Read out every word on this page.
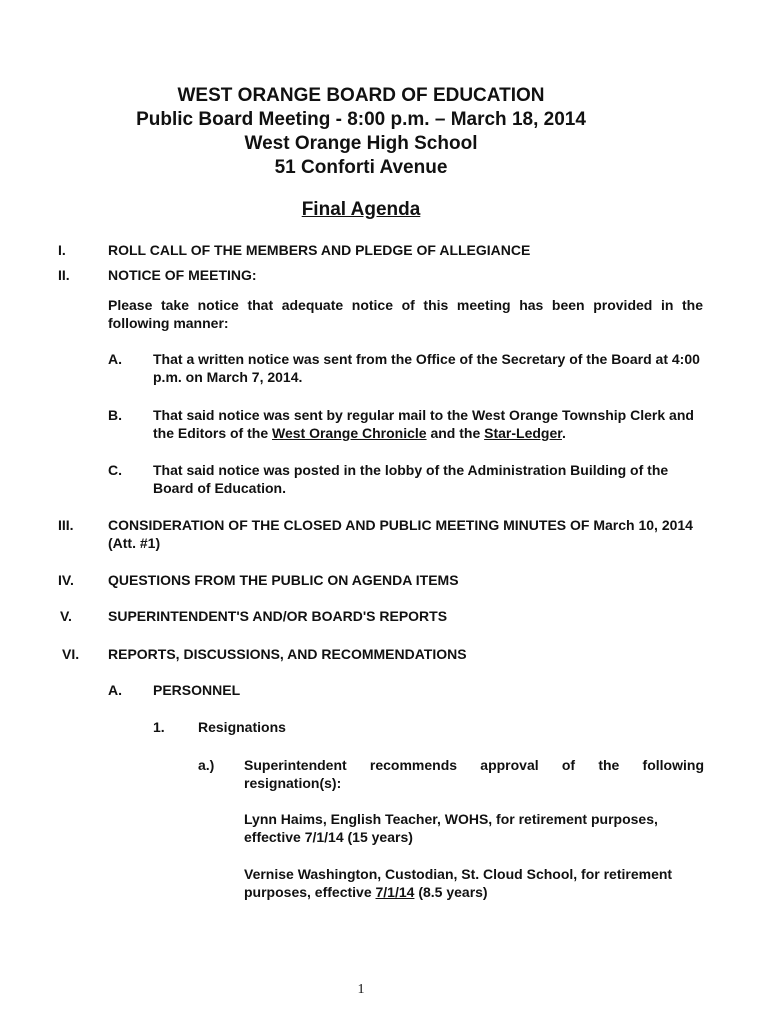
WEST ORANGE BOARD OF EDUCATION
Public Board Meeting - 8:00 p.m. – March 18, 2014
West Orange High School
51 Conforti Avenue
Final Agenda
I.	ROLL CALL OF THE MEMBERS AND PLEDGE OF ALLEGIANCE
II.	NOTICE OF MEETING:
Please take notice that adequate notice of this meeting has been provided in the following manner:
A. That a written notice was sent from the Office of the Secretary of the Board at 4:00 p.m. on March 7, 2014.
B. That said notice was sent by regular mail to the West Orange Township Clerk and the Editors of the West Orange Chronicle and the Star-Ledger.
C. That said notice was posted in the lobby of the Administration Building of the Board of Education.
III. CONSIDERATION OF THE CLOSED AND PUBLIC MEETING MINUTES OF March 10, 2014 (Att. #1)
IV. QUESTIONS FROM THE PUBLIC ON AGENDA ITEMS
V.	SUPERINTENDENT'S AND/OR BOARD'S REPORTS
VI. REPORTS, DISCUSSIONS, AND RECOMMENDATIONS
A. PERSONNEL
1. Resignations
a.) Superintendent recommends approval of the following resignation(s):
Lynn Haims, English Teacher, WOHS, for retirement purposes, effective 7/1/14 (15 years)
Vernise Washington, Custodian, St. Cloud School, for retirement purposes, effective 7/1/14 (8.5 years)
1
